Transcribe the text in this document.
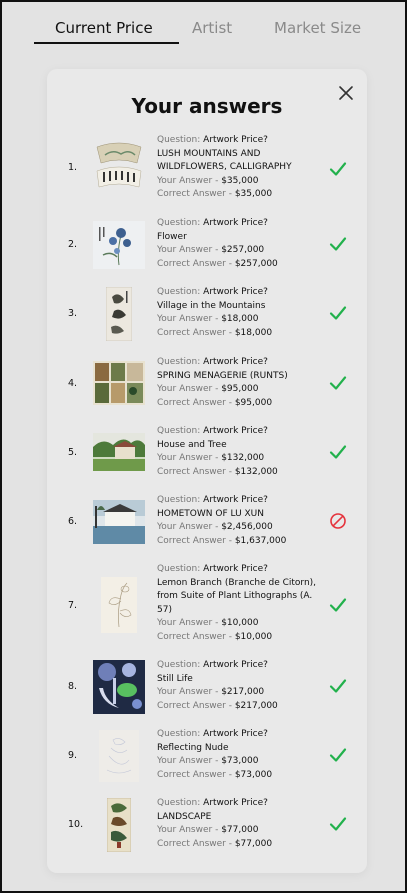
Current Price	Artist	Market Size
Your answers
1.
Question: Artwork Price?
LUSH MOUNTAINS AND WILDFLOWERS, CALLIGRAPHY
Your Answer - $35,000
Correct Answer - $35,000
2.
Question: Artwork Price?
Flower
Your Answer - $257,000
Correct Answer - $257,000
3.
Question: Artwork Price?
Village in the Mountains
Your Answer - $18,000
Correct Answer - $18,000
4.
Question: Artwork Price?
SPRING MENAGERIE (RUNTS)
Your Answer - $95,000
Correct Answer - $95,000
5.
Question: Artwork Price?
House and Tree
Your Answer - $132,000
Correct Answer - $132,000
6.
Question: Artwork Price?
HOMETOWN OF LU XUN
Your Answer - $2,456,000
Correct Answer - $1,637,000
7.
Question: Artwork Price?
Lemon Branch (Branche de Citorn), from Suite of Plant Lithographs (A. 57)
Your Answer - $10,000
Correct Answer - $10,000
8.
Question: Artwork Price?
Still Life
Your Answer - $217,000
Correct Answer - $217,000
9.
Question: Artwork Price?
Reflecting Nude
Your Answer - $73,000
Correct Answer - $73,000
10.
Question: Artwork Price?
LANDSCAPE
Your Answer - $77,000
Correct Answer - $77,000
